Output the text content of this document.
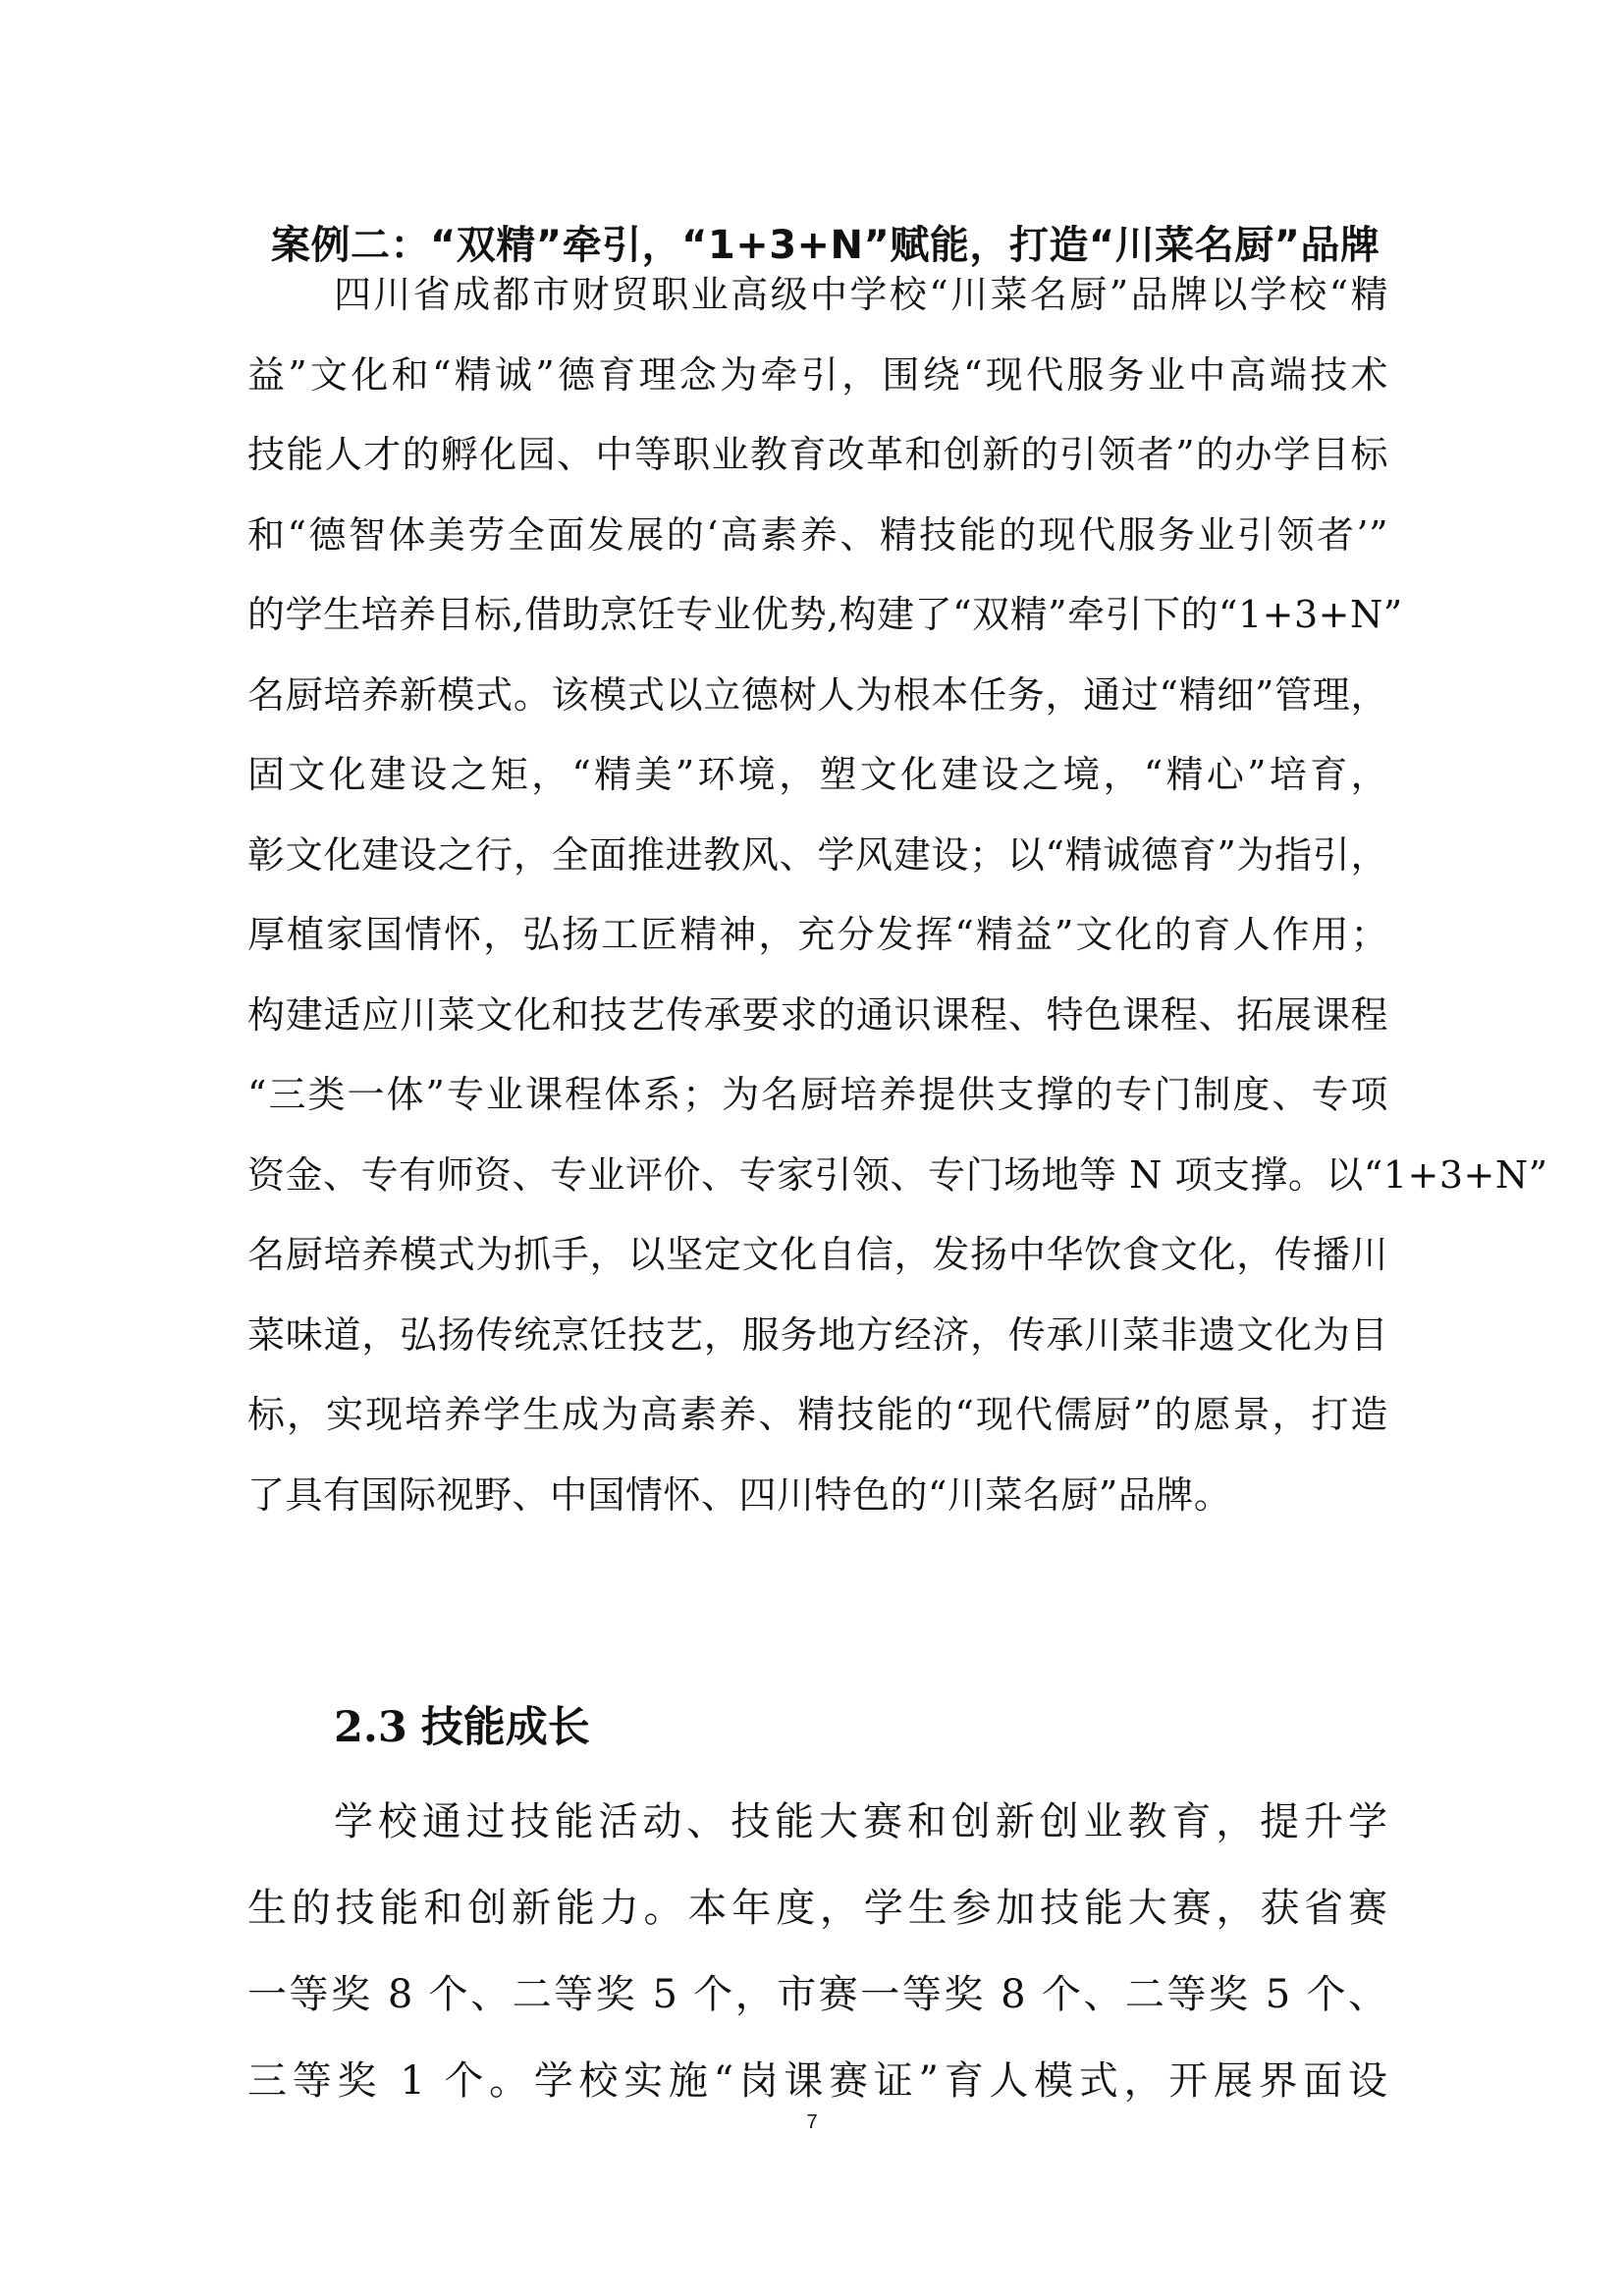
案例二：“双精”牵引，“1+3+N”赋能，打造“川菜名厨”品牌
四川省成都市财贸职业高级中学校“川菜名厨”品牌以学校“精
益”文化和“精诚”德育理念为牵引，围绕“现代服务业中高端技术
技能人才的孵化园、中等职业教育改革和创新的引领者”的办学目标
和“德智体美劳全面发展的‘高素养、精技能的现代服务业引领者’”
的学生培养目标,借助烹饪专业优势,构建了“双精”牵引下的“1+3+N”
名厨培养新模式。该模式以立德树人为根本任务，通过“精细”管理，
固文化建设之矩，“精美”环境，塑文化建设之境，“精心”培育，
彰文化建设之行，全面推进教风、学风建设；以“精诚德育”为指引，
厚植家国情怀，弘扬工匠精神，充分发挥“精益”文化的育人作用；
构建适应川菜文化和技艺传承要求的通识课程、特色课程、拓展课程
“三类一体”专业课程体系；为名厨培养提供支撑的专门制度、专项
资金、专有师资、专业评价、专家引领、专门场地等 N 项支撑。以“1+3+N”
名厨培养模式为抓手，以坚定文化自信，发扬中华饮食文化，传播川
菜味道，弘扬传统烹饪技艺，服务地方经济，传承川菜非遗文化为目
标，实现培养学生成为高素养、精技能的“现代儒厨”的愿景，打造
了具有国际视野、中国情怀、四川特色的“川菜名厨”品牌。
2.3 技能成长
学校通过技能活动、技能大赛和创新创业教育，提升学
生的技能和创新能力。本年度，学生参加技能大赛，获省赛
一等奖 8 个、二等奖 5 个，市赛一等奖 8 个、二等奖 5 个、
三等奖 1 个。学校实施“岗课赛证”育人模式，开展界面设
7
